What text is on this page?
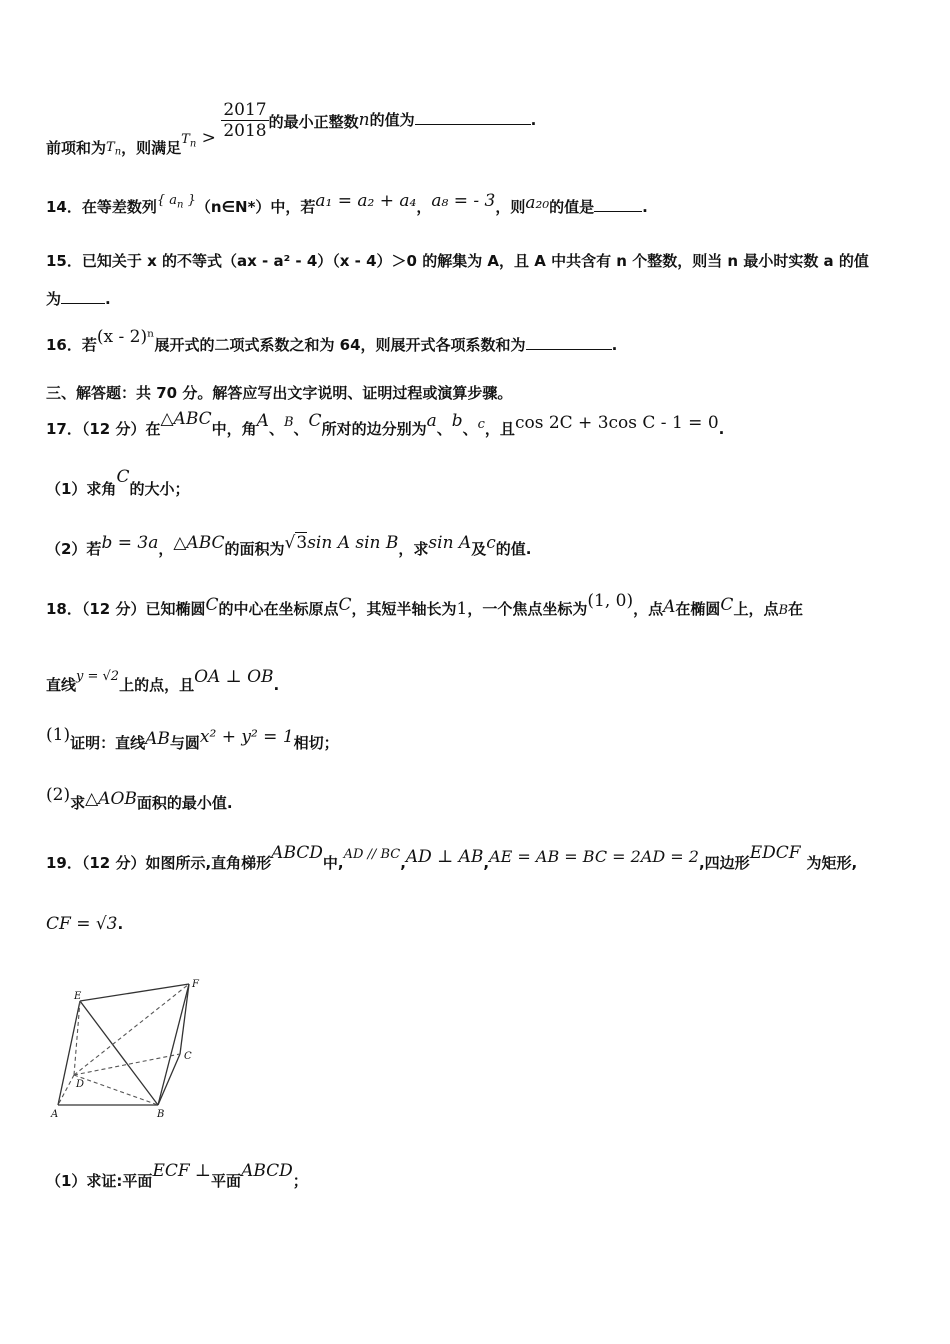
前项和为$T_n$，则满足$T_n > \frac{2017}{2018}$ 的最小正整数n的值为	.
14．在等差数列{ $a_n$ }（n∈N*）中，若a₁ = a₂ + a₄，a₈ = - 3，则a₂₀的值是	.
15．已知关于 x 的不等式（ax - a² - 4）（x - 4）＞0 的解集为 A，且 A 中共含有 n 个整数，则当 n 最小时实数 a 的值
为	.
16．若(x - 2)ⁿ展开式的二项式系数之和为 64，则展开式各项系数和为	.
三、解答题：共 70 分。解答应写出文字说明、证明过程或演算步骤。
17．（12 分）在△ABC中，角A、B、C所对的边分别为a、b、c，且cos 2C + 3cos C - 1 = 0.
（1）求角C的大小；
（2）若b = 3a，△ABC的面积为√3sin A sin B，求sin A及c的值.
18．（12 分）已知椭圆C的中心在坐标原点C，其短半轴长为1，一个焦点坐标为(1, 0)，点A在椭圆C上，点B在
直线y = √2上的点，且OA ⊥ OB.
(1)证明：直线AB与圆x² + y² = 1相切；
(2)求△AOB面积的最小值.
19．（12 分）如图所示,直角梯形ABCD中,AD // BC,AD ⊥ AB,AE = AB = BC = 2AD = 2,四边形EDCF 为矩形,
CF = √3.
E
F
C
D
A	B
（1）求证:平面ECF ⊥平面ABCD；
